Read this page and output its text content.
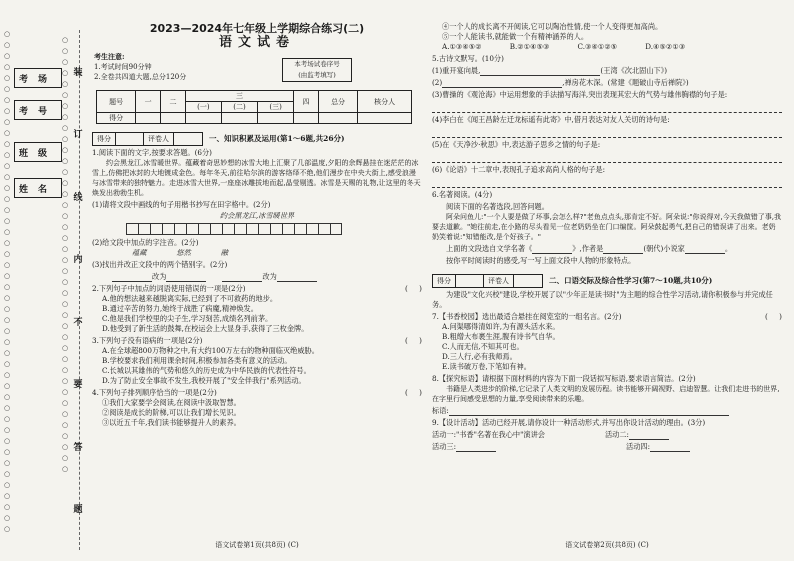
○
○
○
○
○
○
○
○
○
○
○
○
○
○
○
○
○
○
○
○
○
○
○
○
○
○
○
○
○
○
○
○
○
○
○
○
○
○
○
○
○
○
○
○
○
○
○
○
○
○
○
○
○
○
○
○
○
○
○
○
○
○
○
○
○
○
○
○
○
○
○
○
○
○
○
○
○
○
○
○
○
○
○
○
○
○
考场
考号
班级
姓名
装
订
线
内
不
要
答
题
2023—2024年七年级上学期综合练习(二)
语文试卷
考生注意:
1.考试时间90分钟
2.全卷共四道大题,总分120分
本考场试卷序号
(由监考填写)
题号	一	二	三			四	总分	核分人
			(一)	(二)	(三)			
得分								
得分	评卷人	一、知识积累及运用(第1～6题,共26分)

1.阅读下面的文字,按要求答题。(6分)

约会黑龙江,冰雪暖世界。蕴藏着奇思妙想的冰雪大地上汇聚了几部温度,夕阳的余辉悬挂在迷茫茫的冰雪上,仿佛把冰封的大地镀成金色。每年冬天,前往哈尔滨的游客络绎不绝,他们漫步在中央大街上,感受浪漫与冰雪带来的独特魅力。走进冰雪大世界,一座座冰雕拔地而起,晶莹剔透。冰雪是天赐的礼物,让这里的冬天焕发出勃勃生机。

(1)请将文段中画线的句子用楷书抄写在田字格中。(2分)

约会黑龙江,冰雪暖世界

(2)给文段中加点的字注音。(2分)

蕴藏	悠然	融

(3)找出并改正文段中的两个错别字。(2分)

改为	改为

2.下列句子中加点的词语使用错误的一项是(2分)	(     )

A.他的想法越来越脱离实际,已经到了不可救药的地步。

B.通过辛苦的努力,她终于战胜了病魔,精神焕发。

C.他是我们学校里的尖子生,学习刻苦,成绩名列前茅。

D.他受到了新生活的鼓舞,在校运会上大显身手,获得了三枚金牌。

3.下列句子没有语病的一项是(2分)	(     )

A.在全球超800万物种之中,有大约100万左右的物种面临灭绝威胁。

B.学校要求我们利用课余时间,积极参加各类有意义的活动。

C.长城以其雄伟的气势和悠久的历史成为中华民族的代表性符号。

D.为了防止安全事故不发生,我校开展了"安全伴我行"系列活动。

4.下列句子排列顺序恰当的一项是(2分)	(     )

①我们大家要学会阅读,在阅读中汲取智慧。

②阅读是成长的阶梯,可以让我们增长见识。

③以近五千年,我们读书能够提升人的素养。

语文试卷第1页(共8页) (C)

④一个人的成长离不开阅读,它可以陶冶性情,使一个人变得更加高尚。

⑤一个人能读书,就能做一个有精神涵养的人。

A.①③④⑤②	B.②①④⑤③	C.③④①②⑤	D.④⑤②①③

5.古诗文默写。(10分)

(1)重开宴向晨,	(王湾《次北固山下》)

(2)	,禅房花木深。(常建《题破山寺后禅院》)

(3)曹操的《观沧海》中运用想象的手法描写海洋,突出表现其宏大的气势与雄伟胸襟的句子是:

(4)李白在《闻王昌龄左迁龙标遥有此寄》中,借月表达对友人关切的诗句是:

(5)在《天净沙·秋思》中,表达游子思乡之情的句子是:

(6)《论语》十二章中,表现孔子追求高尚人格的句子是:

6.名著阅读。(4分)

阅读下面的名著选段,回答问题。

阿朵问鱼儿:"一个人要是做了坏事,会怎么样?"老鱼点点头,那肯定不好。阿朵说:"你说得对,今天我做错了事,我要去道歉。"她往前走,在小路的尽头看见一位老奶奶坐在门口编筐。阿朵鼓起勇气,把自己的错误讲了出来。老奶奶笑着说:"知错能改,是个好孩子。"

上面的文段选自文学名著《	》,作者是	(朝代)小说家	。

按你平时阅读时的感受,写一写上面文段中人物的形象特点。

得分	评卷人	二、口语交际及综合性学习(第7～10题,共10分)

为建设"文化兴校"建设,学校开展了以"少年正是读书时"为主题的综合性学习活动,请你积极参与并完成任务。

7.【书香校园】选出最适合悬挂在阅览室的一组名言。(2分)	(     )

A.问渠哪得清如许,为有源头活水来。

B.粗缯大布裹生涯,腹有诗书气自华。

C.人而无信,不知其可也。

D.三人行,必有我师焉。

E.读书破万卷,下笔如有神。

8.【探究标语】请根据下面材料的内容为下面一段话拟写标语,要求语言简洁。(2分)

书籍是人类进步的阶梯,它记录了人类文明的发展历程。读书能够开阔视野、启迪智慧。让我们走进书的世界,在字里行间感受思想的力量,享受阅读带来的乐趣。

标语:

9.【设计活动】活动已经开展,请你设计一种活动形式,并写出你设计活动的理由。(3分)

活动一:"书香"名著在我心中"演讲会	活动二:

活动三:	活动四:

语文试卷第2页(共8页) (C)
